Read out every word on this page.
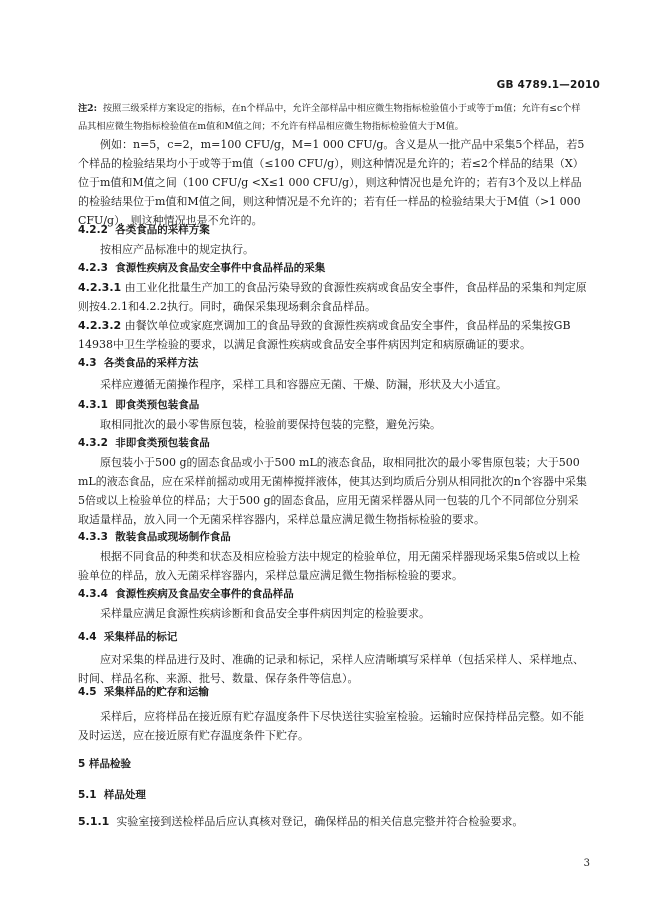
GB 4789.1—2010

注2: 按照三级采样方案设定的指标，在n个样品中，允许全部样品中相应微生物指标检验值小于或等于m值；允许有≤c个样品其相应微生物指标检验值在m值和M值之间；不允许有样品相应微生物指标检验值大于M值。

例如：n=5，c=2，m=100 CFU/g，M=1 000 CFU/g。含义是从一批产品中采集5个样品，若5个样品的检验结果均小于或等于m值（≤100 CFU/g），则这种情况是允许的；若≤2个样品的结果（X）位于m值和M值之间（100 CFU/g <X≤1 000 CFU/g），则这种情况也是允许的；若有3个及以上样品的检验结果位于m值和M值之间，则这种情况是不允许的；若有任一样品的检验结果大于M值（>1 000 CFU/g），则这种情况也是不允许的。

4.2.2 各类食品的采样方案

按相应产品标准中的规定执行。

4.2.3 食源性疾病及食品安全事件中食品样品的采集

4.2.3.1 由工业化批量生产加工的食品污染导致的食源性疾病或食品安全事件，食品样品的采集和判定原则按4.2.1和4.2.2执行。同时，确保采集现场剩余食品样品。

4.2.3.2 由餐饮单位或家庭烹调加工的食品导致的食源性疾病或食品安全事件，食品样品的采集按GB 14938中卫生学检验的要求，以满足食源性疾病或食品安全事件病因判定和病原确证的要求。

4.3 各类食品的采样方法

采样应遵循无菌操作程序，采样工具和容器应无菌、干燥、防漏，形状及大小适宜。

4.3.1 即食类预包装食品

取相同批次的最小零售原包装，检验前要保持包装的完整，避免污染。

4.3.2 非即食类预包装食品

原包装小于500 g的固态食品或小于500 mL的液态食品，取相同批次的最小零售原包装；大于500 mL的液态食品，应在采样前摇动或用无菌棒搅拌液体，使其达到均质后分别从相同批次的n个容器中采集5倍或以上检验单位的样品；大于500 g的固态食品，应用无菌采样器从同一包装的几个不同部位分别采取适量样品，放入同一个无菌采样容器内，采样总量应满足微生物指标检验的要求。

4.3.3 散装食品或现场制作食品

根据不同食品的种类和状态及相应检验方法中规定的检验单位，用无菌采样器现场采集5倍或以上检验单位的样品，放入无菌采样容器内，采样总量应满足微生物指标检验的要求。

4.3.4 食源性疾病及食品安全事件的食品样品

采样量应满足食源性疾病诊断和食品安全事件病因判定的检验要求。

4.4 采集样品的标记

应对采集的样品进行及时、准确的记录和标记，采样人应清晰填写采样单（包括采样人、采样地点、时间、样品名称、来源、批号、数量、保存条件等信息）。

4.5 采集样品的贮存和运输

采样后，应将样品在接近原有贮存温度条件下尽快送往实验室检验。运输时应保持样品完整。如不能及时运送，应在接近原有贮存温度条件下贮存。

5 样品检验

5.1 样品处理

5.1.1 实验室接到送检样品后应认真核对登记，确保样品的相关信息完整并符合检验要求。

3
